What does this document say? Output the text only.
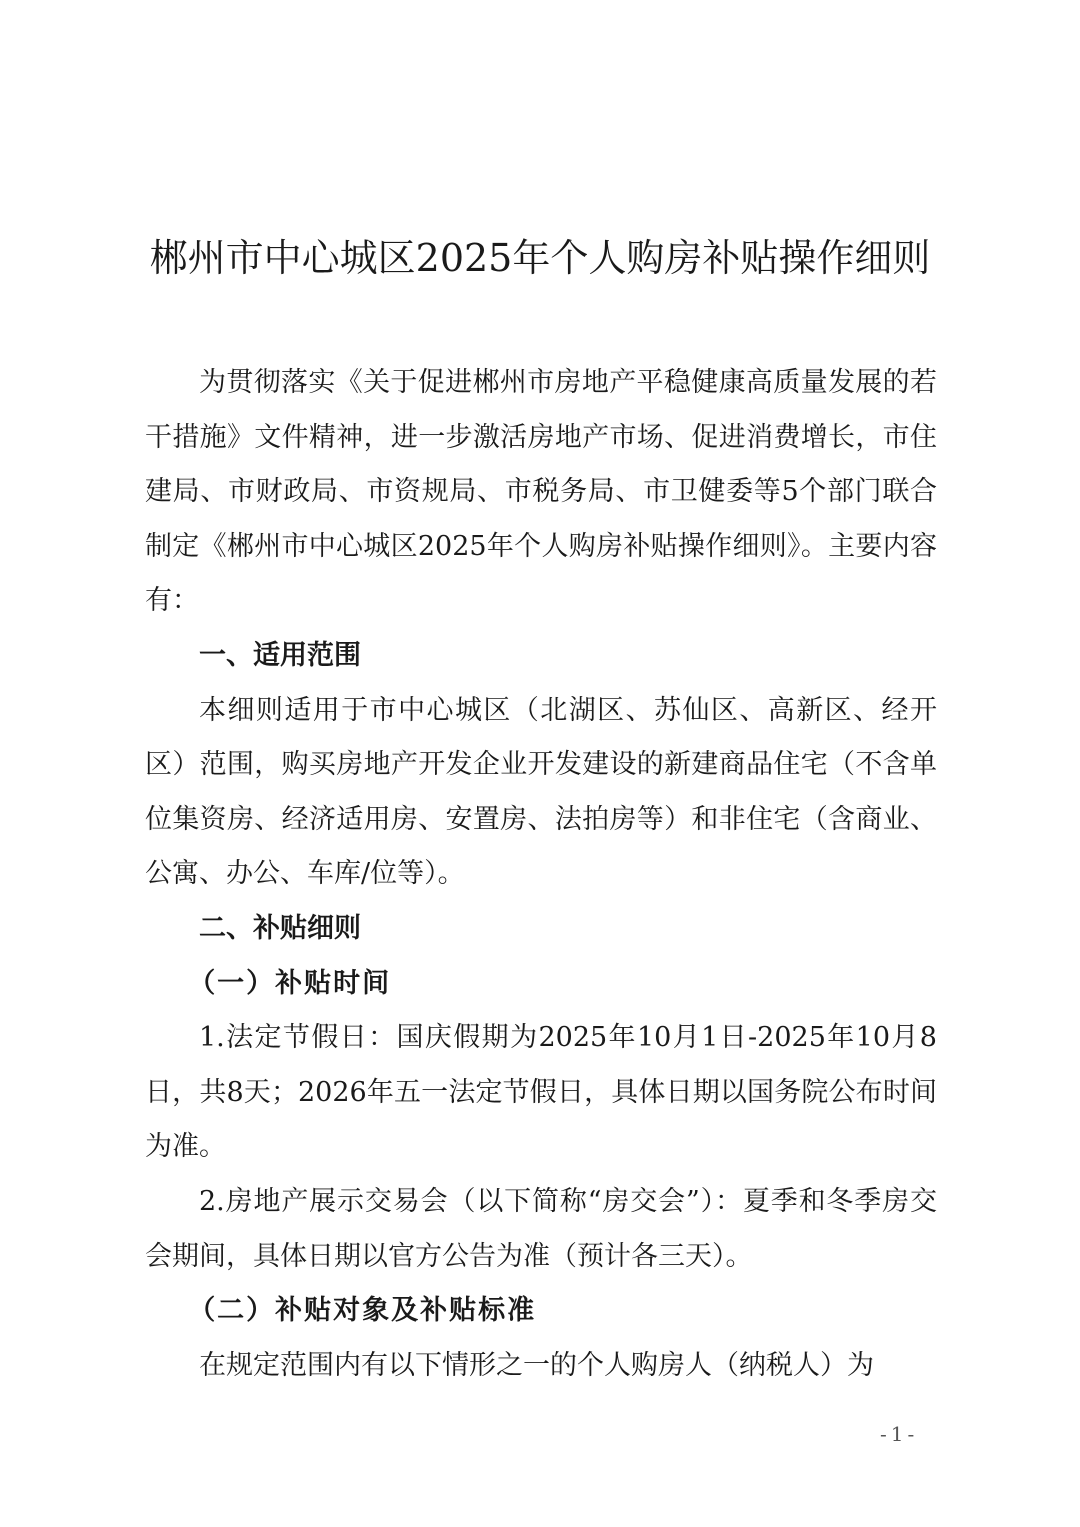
郴州市中心城区2025年个人购房补贴操作细则

为贯彻落实《关于促进郴州市房地产平稳健康高质量发展的若干措施》文件精神，进一步激活房地产市场、促进消费增长，市住建局、市财政局、市资规局、市税务局、市卫健委等5个部门联合制定《郴州市中心城区2025年个人购房补贴操作细则》。主要内容有：

一、适用范围

本细则适用于市中心城区（北湖区、苏仙区、高新区、经开区）范围，购买房地产开发企业开发建设的新建商品住宅（不含单位集资房、经济适用房、安置房、法拍房等）和非住宅（含商业、公寓、办公、车库/位等）。

二、补贴细则

（一）补贴时间

1.法定节假日：国庆假期为2025年10月1日-2025年10月8日，共8天；2026年五一法定节假日，具体日期以国务院公布时间为准。

2.房地产展示交易会（以下简称“房交会”）：夏季和冬季房交会期间，具体日期以官方公告为准（预计各三天）。

（二）补贴对象及补贴标准

在规定范围内有以下情形之一的个人购房人（纳税人）为

-1-
